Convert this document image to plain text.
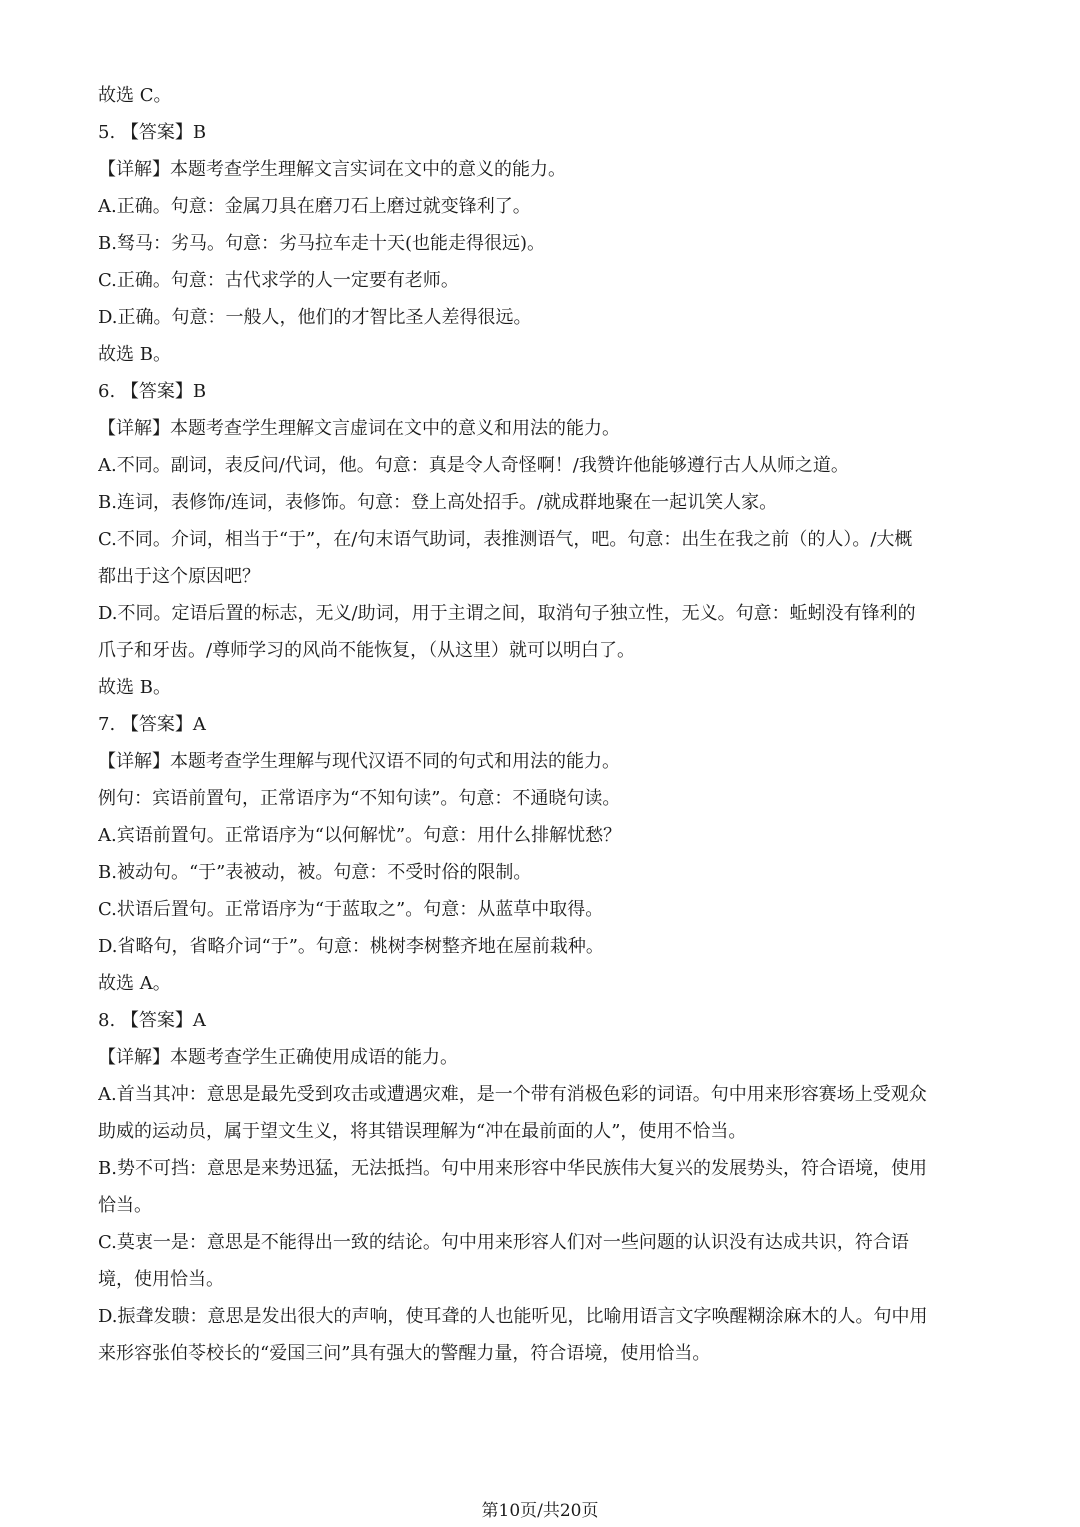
故选 C。
5. 【答案】B
【详解】本题考查学生理解文言实词在文中的意义的能力。
A.正确。句意：金属刀具在磨刀石上磨过就变锋利了。
B.驽马：劣马。句意：劣马拉车走十天(也能走得很远)。
C.正确。句意：古代求学的人一定要有老师。
D.正确。句意：一般人，他们的才智比圣人差得很远。
故选 B。
6. 【答案】B
【详解】本题考查学生理解文言虚词在文中的意义和用法的能力。
A.不同。副词，表反问/代词，他。句意：真是令人奇怪啊！/我赞许他能够遵行古人从师之道。
B.连词，表修饰/连词，表修饰。句意：登上高处招手。/就成群地聚在一起讥笑人家。
C.不同。介词，相当于“于”，在/句末语气助词，表推测语气，吧。句意：出生在我之前（的人）。/大概
都出于这个原因吧？
D.不同。定语后置的标志，无义/助词，用于主谓之间，取消句子独立性，无义。句意：蚯蚓没有锋利的
爪子和牙齿。/尊师学习的风尚不能恢复，（从这里）就可以明白了。
故选 B。
7. 【答案】A
【详解】本题考查学生理解与现代汉语不同的句式和用法的能力。
例句：宾语前置句，正常语序为“不知句读”。句意：不通晓句读。
A.宾语前置句。正常语序为“以何解忧”。句意：用什么排解忧愁？
B.被动句。“于”表被动，被。句意：不受时俗的限制。
C.状语后置句。正常语序为“于蓝取之”。句意：从蓝草中取得。
D.省略句，省略介词“于”。句意：桃树李树整齐地在屋前栽种。
故选 A。
8. 【答案】A
【详解】本题考查学生正确使用成语的能力。
A.首当其冲：意思是最先受到攻击或遭遇灾难，是一个带有消极色彩的词语。句中用来形容赛场上受观众
助威的运动员，属于望文生义，将其错误理解为“冲在最前面的人”，使用不恰当。
B.势不可挡：意思是来势迅猛，无法抵挡。句中用来形容中华民族伟大复兴的发展势头，符合语境，使用
恰当。
C.莫衷一是：意思是不能得出一致的结论。句中用来形容人们对一些问题的认识没有达成共识，符合语
境，使用恰当。
D.振聋发聩：意思是发出很大的声响，使耳聋的人也能听见，比喻用语言文字唤醒糊涂麻木的人。句中用
来形容张伯苓校长的“爱国三问”具有强大的警醒力量，符合语境，使用恰当。
第10页/共20页
